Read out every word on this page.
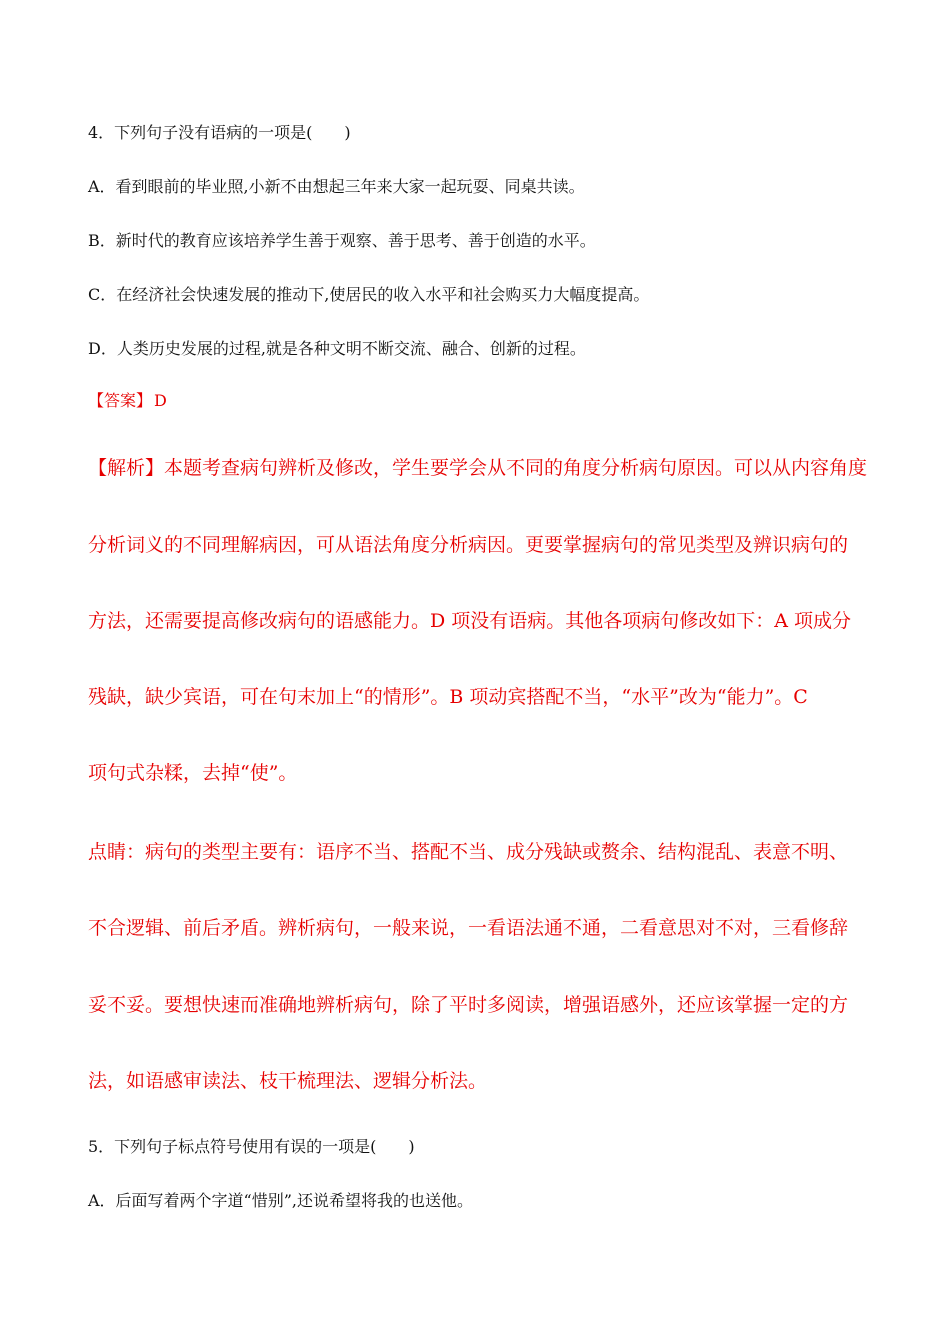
4．下列句子没有语病的一项是(　　)
A．看到眼前的毕业照,小新不由想起三年来大家一起玩耍、同桌共读。
B．新时代的教育应该培养学生善于观察、善于思考、善于创造的水平。
C．在经济社会快速发展的推动下,使居民的收入水平和社会购买力大幅度提高。
D．人类历史发展的过程,就是各种文明不断交流、融合、创新的过程。
【答案】 D
【解析】本题考查病句辨析及修改，学生要学会从不同的角度分析病句原因。可以从内容角度
分析词义的不同理解病因，可从语法角度分析病因。更要掌握病句的常见类型及辨识病句的
方法，还需要提高修改病句的语感能力。D 项没有语病。其他各项病句修改如下：A 项成分
残缺，缺少宾语，可在句末加上“的情形”。B 项动宾搭配不当，“水平”改为“能力”。C
项句式杂糅，去掉“使”。
点睛：病句的类型主要有：语序不当、搭配不当、成分残缺或赘余、结构混乱、表意不明、
不合逻辑、前后矛盾。辨析病句，一般来说，一看语法通不通，二看意思对不对，三看修辞
妥不妥。要想快速而准确地辨析病句，除了平时多阅读，增强语感外，还应该掌握一定的方
法，如语感审读法、枝干梳理法、逻辑分析法。
5．下列句子标点符号使用有误的一项是(　　)
A．后面写着两个字道“惜别”,还说希望将我的也送他。
